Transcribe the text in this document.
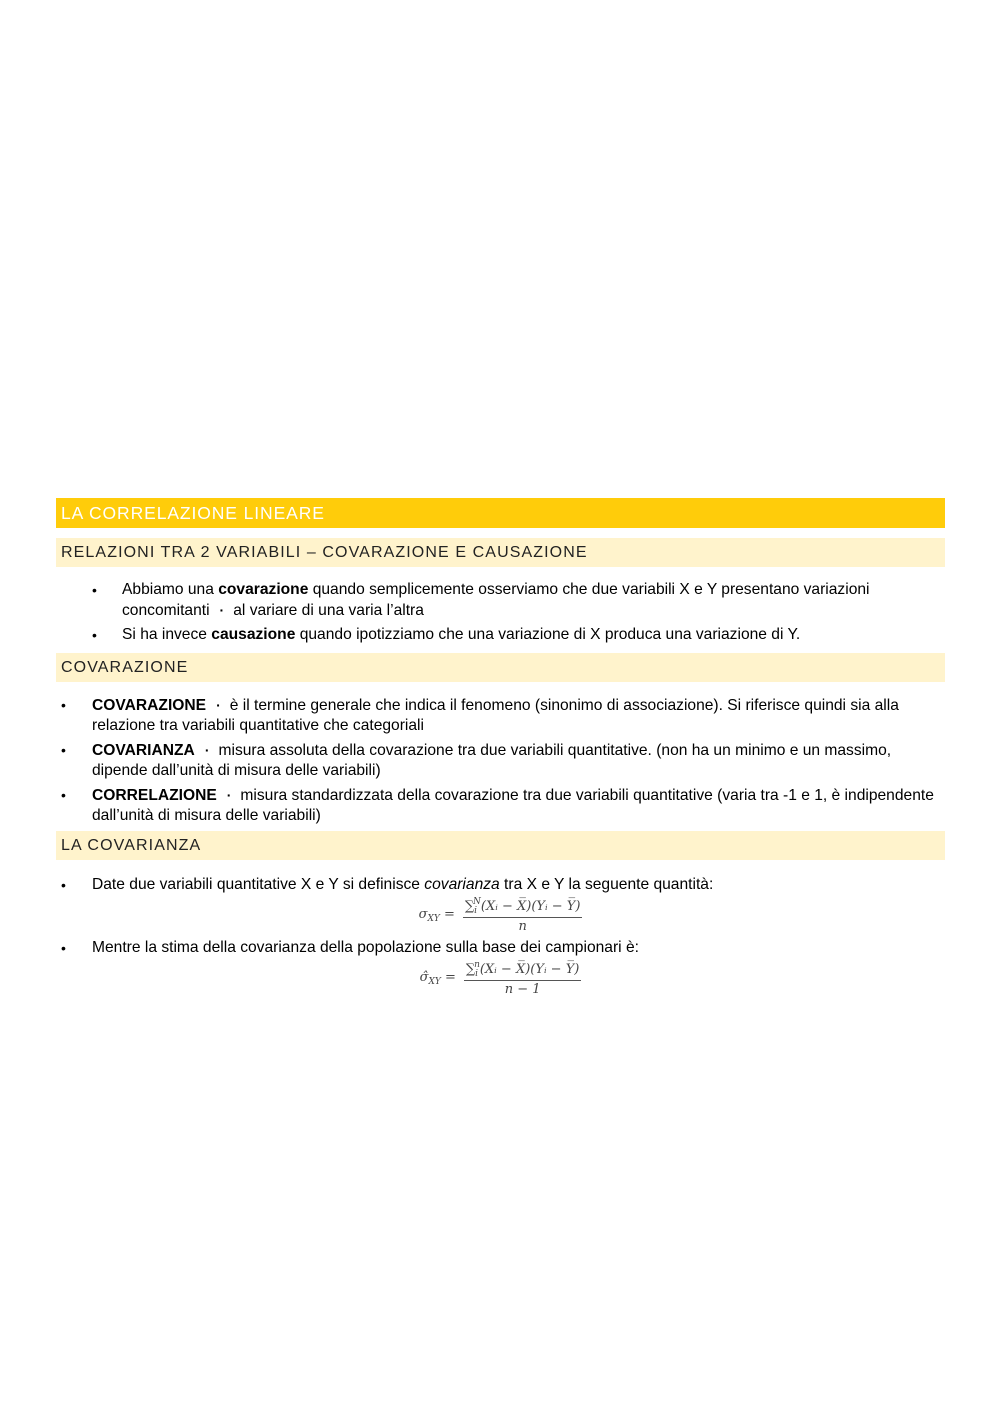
LA CORRELAZIONE LINEARE
RELAZIONI TRA 2 VARIABILI – COVARAZIONE E CAUSAZIONE
• Abbiamo una covarazione quando semplicemente osserviamo che due variabili X e Y presentano variazioni concomitanti · al variare di una varia l’altra
• Si ha invece causazione quando ipotizziamo che una variazione di X produca una variazione di Y.
COVARAZIONE
• COVARAZIONE · è il termine generale che indica il fenomeno (sinonimo di associazione). Si riferisce quindi sia alla relazione tra variabili quantitative che categoriali
• COVARIANZA · misura assoluta della covarazione tra due variabili quantitative. (non ha un minimo e un massimo, dipende dall’unità di misura delle variabili)
• CORRELAZIONE · misura standardizzata della covarazione tra due variabili quantitative (varia tra -1 e 1, è indipendente dall’unità di misura delle variabili)
LA COVARIANZA
• Date due variabili quantitative X e Y si definisce covarianza tra X e Y la seguente quantità:
$\sigma_{XY} = \frac{\sum_i^N(Xᵢ - X̅)(Yᵢ - Y̅)}{n}$
• Mentre la stima della covarianza della popolazione sulla base dei campionari è:
$\sigmâ_{XY} = \frac{\sum_i^n(Xᵢ - X̅)(Yᵢ - Y̅)}{n - 1}$
